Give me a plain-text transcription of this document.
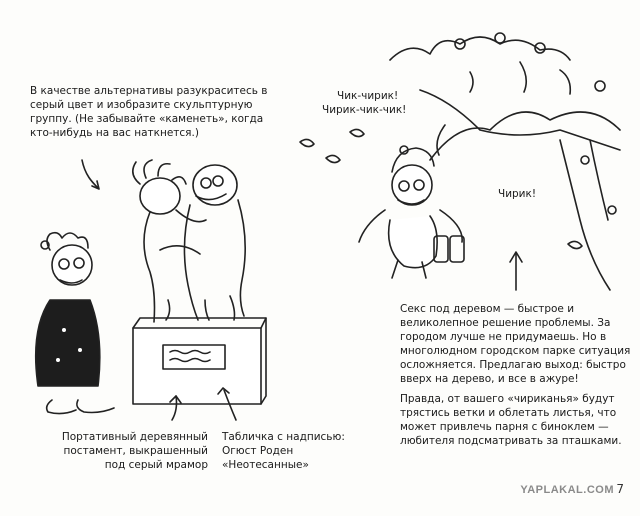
В качестве альтернативы разукраситесь в серый цвет и изобразите скульптурную группу. (Не забывайте «каменеть», когда кто-нибудь на вас наткнется.)
Портативный деревянный постамент, выкрашенный под серый мрамор
Табличка с надписью: Огюст Роден «Неотесанные»
Чик-чирик!
Чирик-чик-чик!
Чирик!
Секс под деревом — быстрое и великолепное решение проблемы. За городом лучше не придумаешь. Но в многолюдном городском парке ситуация осложняется. Предлагаю выход: быстро вверх на дерево, и все в ажуре!
Правда, от вашего «чириканья» будут трястись ветки и облетать листья, что может привлечь парня с биноклем — любителя подсматривать за пташками.
YAPLAKAL.COM 7
